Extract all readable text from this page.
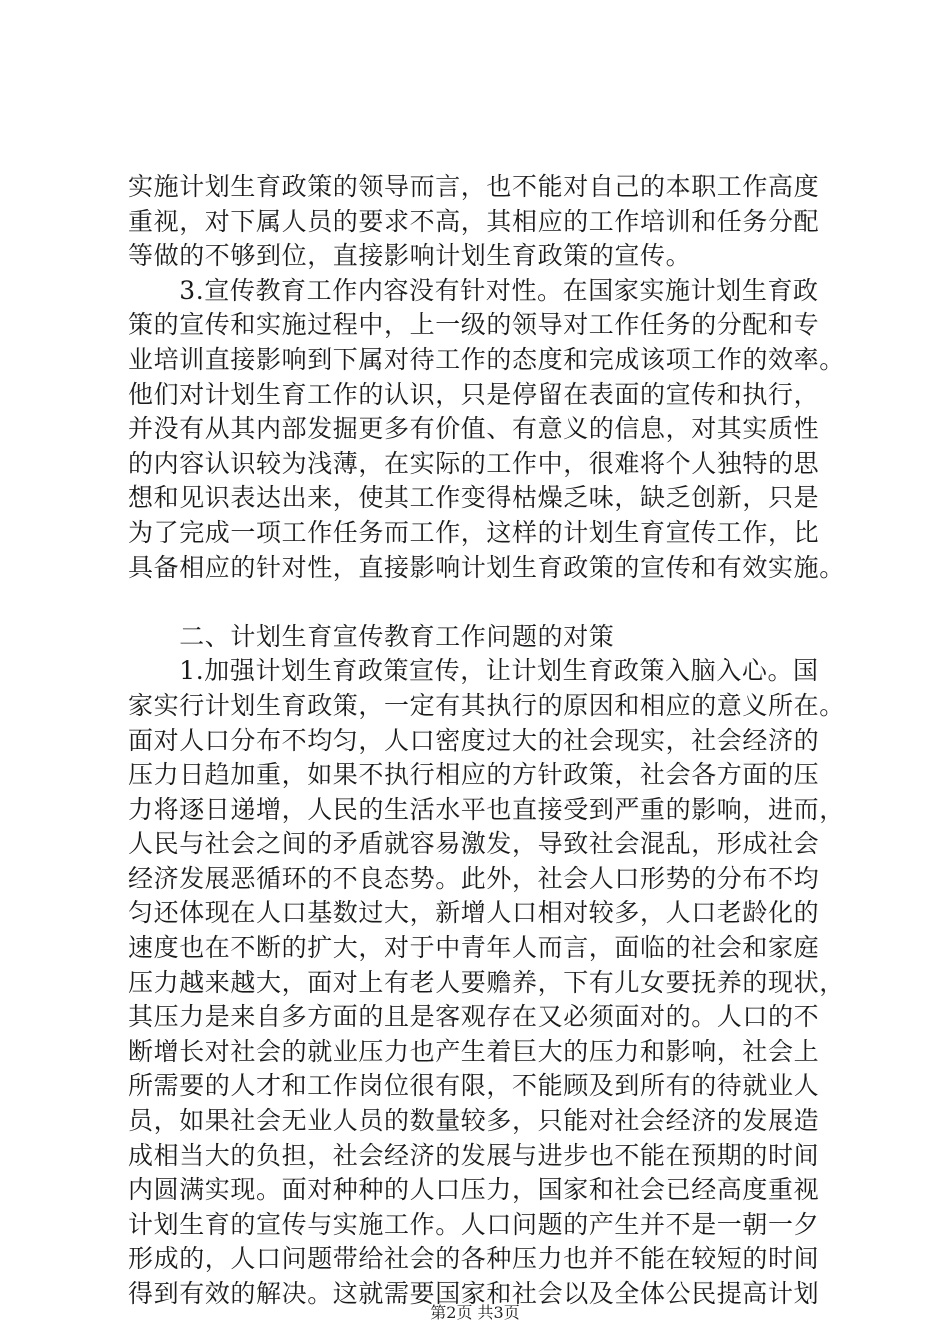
实施计划生育政策的领导而言，也不能对自己的本职工作高度
重视，对下属人员的要求不高，其相应的工作培训和任务分配
等做的不够到位，直接影响计划生育政策的宣传。
　　3.宣传教育工作内容没有针对性。在国家实施计划生育政
策的宣传和实施过程中，上一级的领导对工作任务的分配和专
业培训直接影响到下属对待工作的态度和完成该项工作的效率。
他们对计划生育工作的认识，只是停留在表面的宣传和执行，
并没有从其内部发掘更多有价值、有意义的信息，对其实质性
的内容认识较为浅薄，在实际的工作中，很难将个人独特的思
想和见识表达出来，使其工作变得枯燥乏味，缺乏创新，只是
为了完成一项工作任务而工作，这样的计划生育宣传工作，比
具备相应的针对性，直接影响计划生育政策的宣传和有效实施。
　　二、计划生育宣传教育工作问题的对策
　　1.加强计划生育政策宣传，让计划生育政策入脑入心。国
家实行计划生育政策，一定有其执行的原因和相应的意义所在。
面对人口分布不均匀，人口密度过大的社会现实，社会经济的
压力日趋加重，如果不执行相应的方针政策，社会各方面的压
力将逐日递增，人民的生活水平也直接受到严重的影响，进而，
人民与社会之间的矛盾就容易激发，导致社会混乱，形成社会
经济发展恶循环的不良态势。此外，社会人口形势的分布不均
匀还体现在人口基数过大，新增人口相对较多，人口老龄化的
速度也在不断的扩大，对于中青年人而言，面临的社会和家庭
压力越来越大，面对上有老人要赡养，下有儿女要抚养的现状，
其压力是来自多方面的且是客观存在又必须面对的。人口的不
断增长对社会的就业压力也产生着巨大的压力和影响，社会上
所需要的人才和工作岗位很有限，不能顾及到所有的待就业人
员，如果社会无业人员的数量较多，只能对社会经济的发展造
成相当大的负担，社会经济的发展与进步也不能在预期的时间
内圆满实现。面对种种的人口压力，国家和社会已经高度重视
计划生育的宣传与实施工作。人口问题的产生并不是一朝一夕
形成的，人口问题带给社会的各种压力也并不能在较短的时间
得到有效的解决。这就需要国家和社会以及全体公民提高计划
第2页 共3页
